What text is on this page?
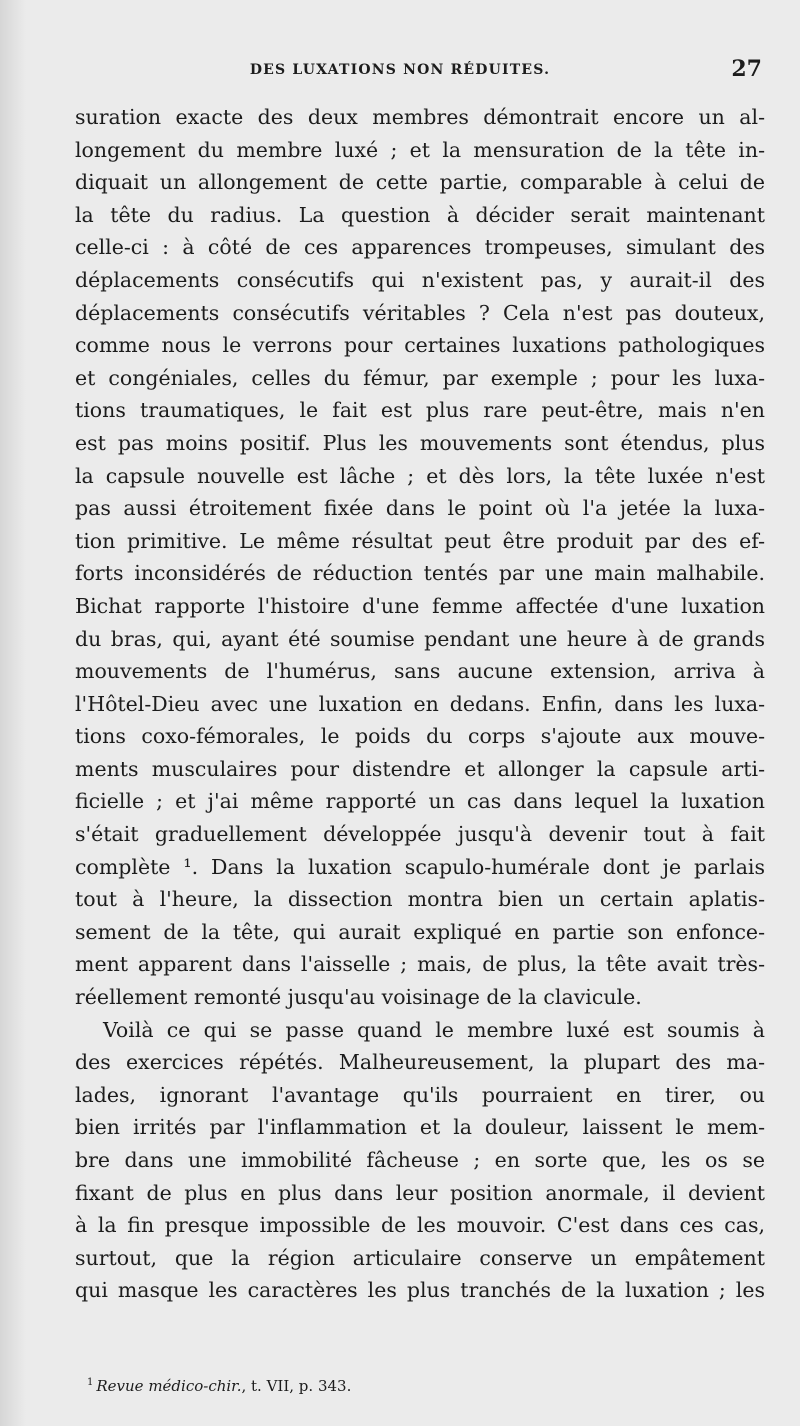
DES LUXATIONS NON RÉDUITES.	27
suration exacte des deux membres démontrait encore un al-
longement du membre luxé ; et la mensuration de la tête in-
diquait un allongement de cette partie, comparable à celui de
la tête du radius. La question à décider serait maintenant
celle-ci : à côté de ces apparences trompeuses, simulant des
déplacements consécutifs qui n'existent pas, y aurait-il des
déplacements consécutifs véritables ? Cela n'est pas douteux,
comme nous le verrons pour certaines luxations pathologiques
et congéniales, celles du fémur, par exemple ; pour les luxa-
tions traumatiques, le fait est plus rare peut-être, mais n'en
est pas moins positif. Plus les mouvements sont étendus, plus
la capsule nouvelle est lâche ; et dès lors, la tête luxée n'est
pas aussi étroitement fixée dans le point où l'a jetée la luxa-
tion primitive. Le même résultat peut être produit par des ef-
forts inconsidérés de réduction tentés par une main malhabile.
Bichat rapporte l'histoire d'une femme affectée d'une luxation
du bras, qui, ayant été soumise pendant une heure à de grands
mouvements de l'humérus, sans aucune extension, arriva à
l'Hôtel-Dieu avec une luxation en dedans. Enfin, dans les luxa-
tions coxo-fémorales, le poids du corps s'ajoute aux mouve-
ments musculaires pour distendre et allonger la capsule arti-
ficielle ; et j'ai même rapporté un cas dans lequel la luxation
s'était graduellement développée jusqu'à devenir tout à fait
complète ¹. Dans la luxation scapulo-humérale dont je parlais
tout à l'heure, la dissection montra bien un certain aplatis-
sement de la tête, qui aurait expliqué en partie son enfonce-
ment apparent dans l'aisselle ; mais, de plus, la tête avait très-
réellement remonté jusqu'au voisinage de la clavicule.
Voilà ce qui se passe quand le membre luxé est soumis à
des exercices répétés. Malheureusement, la plupart des ma-
lades, ignorant l'avantage qu'ils pourraient en tirer, ou
bien irrités par l'inflammation et la douleur, laissent le mem-
bre dans une immobilité fâcheuse ; en sorte que, les os se
fixant de plus en plus dans leur position anormale, il devient
à la fin presque impossible de les mouvoir. C'est dans ces cas,
surtout, que la région articulaire conserve un empâtement
qui masque les caractères les plus tranchés de la luxation ; les
$^1$ Revue médico-chir., t. VII, p. 343.
